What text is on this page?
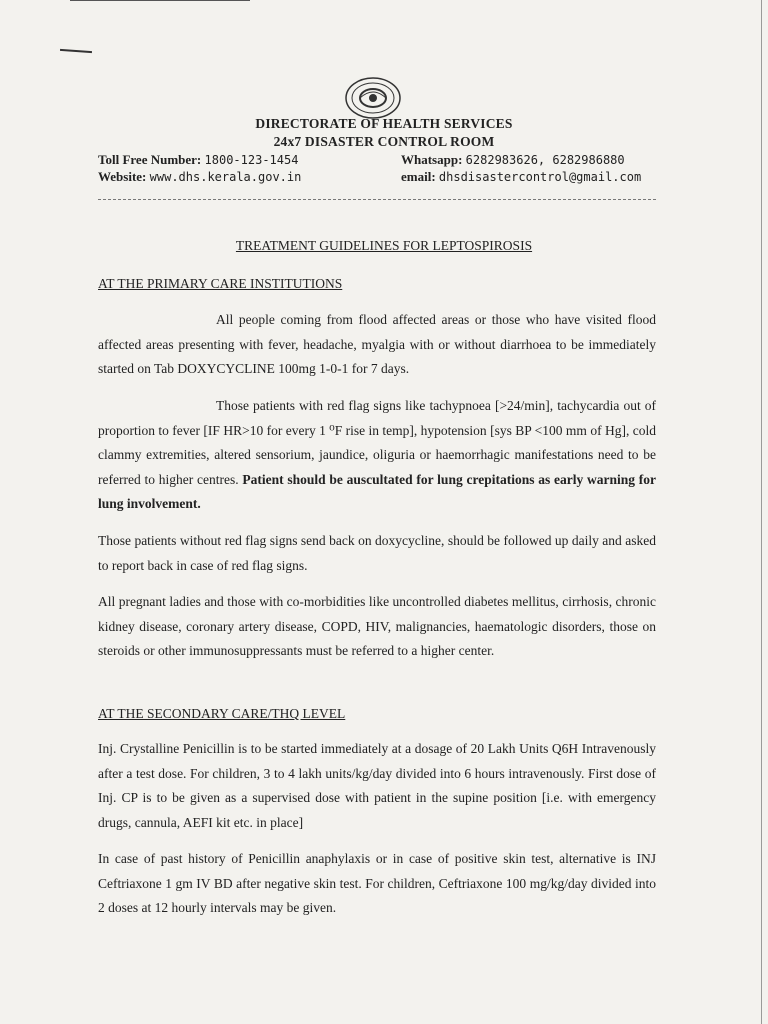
DIRECTORATE OF HEALTH SERVICES
24x7 DISASTER CONTROL ROOM
Toll Free Number: 1800-123-1454	Whatsapp: 6282983626, 6282986880
Website: www.dhs.kerala.gov.in	email: dhsdisastercontrol@gmail.com
TREATMENT GUIDELINES FOR LEPTOSPIROSIS
AT THE PRIMARY CARE INSTITUTIONS

All people coming from flood affected areas or those who have visited flood affected areas presenting with fever, headache, myalgia with or without diarrhoea to be immediately started on Tab DOXYCYCLINE 100mg 1-0-1 for 7 days.

Those patients with red flag signs like tachypnoea [>24/min], tachycardia out of proportion to fever [IF HR>10 for every 1 ⁰F rise in temp], hypotension [sys BP <100 mm of Hg], cold clammy extremities, altered sensorium, jaundice, oliguria or haemorrhagic manifestations need to be referred to higher centres. Patient should be auscultated for lung crepitations as early warning for lung involvement.

Those patients without red flag signs send back on doxycycline, should be followed up daily and asked to report back in case of red flag signs.

All pregnant ladies and those with co-morbidities like uncontrolled diabetes mellitus, cirrhosis, chronic kidney disease, coronary artery disease, COPD, HIV, malignancies, haematologic disorders, those on steroids or other immunosuppressants must be referred to a higher center.

AT THE SECONDARY CARE/THQ LEVEL

Inj. Crystalline Penicillin is to be started immediately at a dosage of 20 Lakh Units Q6H Intravenously after a test dose. For children, 3 to 4 lakh units/kg/day divided into 6 hours intravenously. First dose of Inj. CP is to be given as a supervised dose with patient in the supine position [i.e. with emergency drugs, cannula, AEFI kit etc. in place]

In case of past history of Penicillin anaphylaxis or in case of positive skin test, alternative is INJ Ceftriaxone 1 gm IV BD after negative skin test. For children, Ceftriaxone 100 mg/kg/day divided into 2 doses at 12 hourly intervals may be given.
